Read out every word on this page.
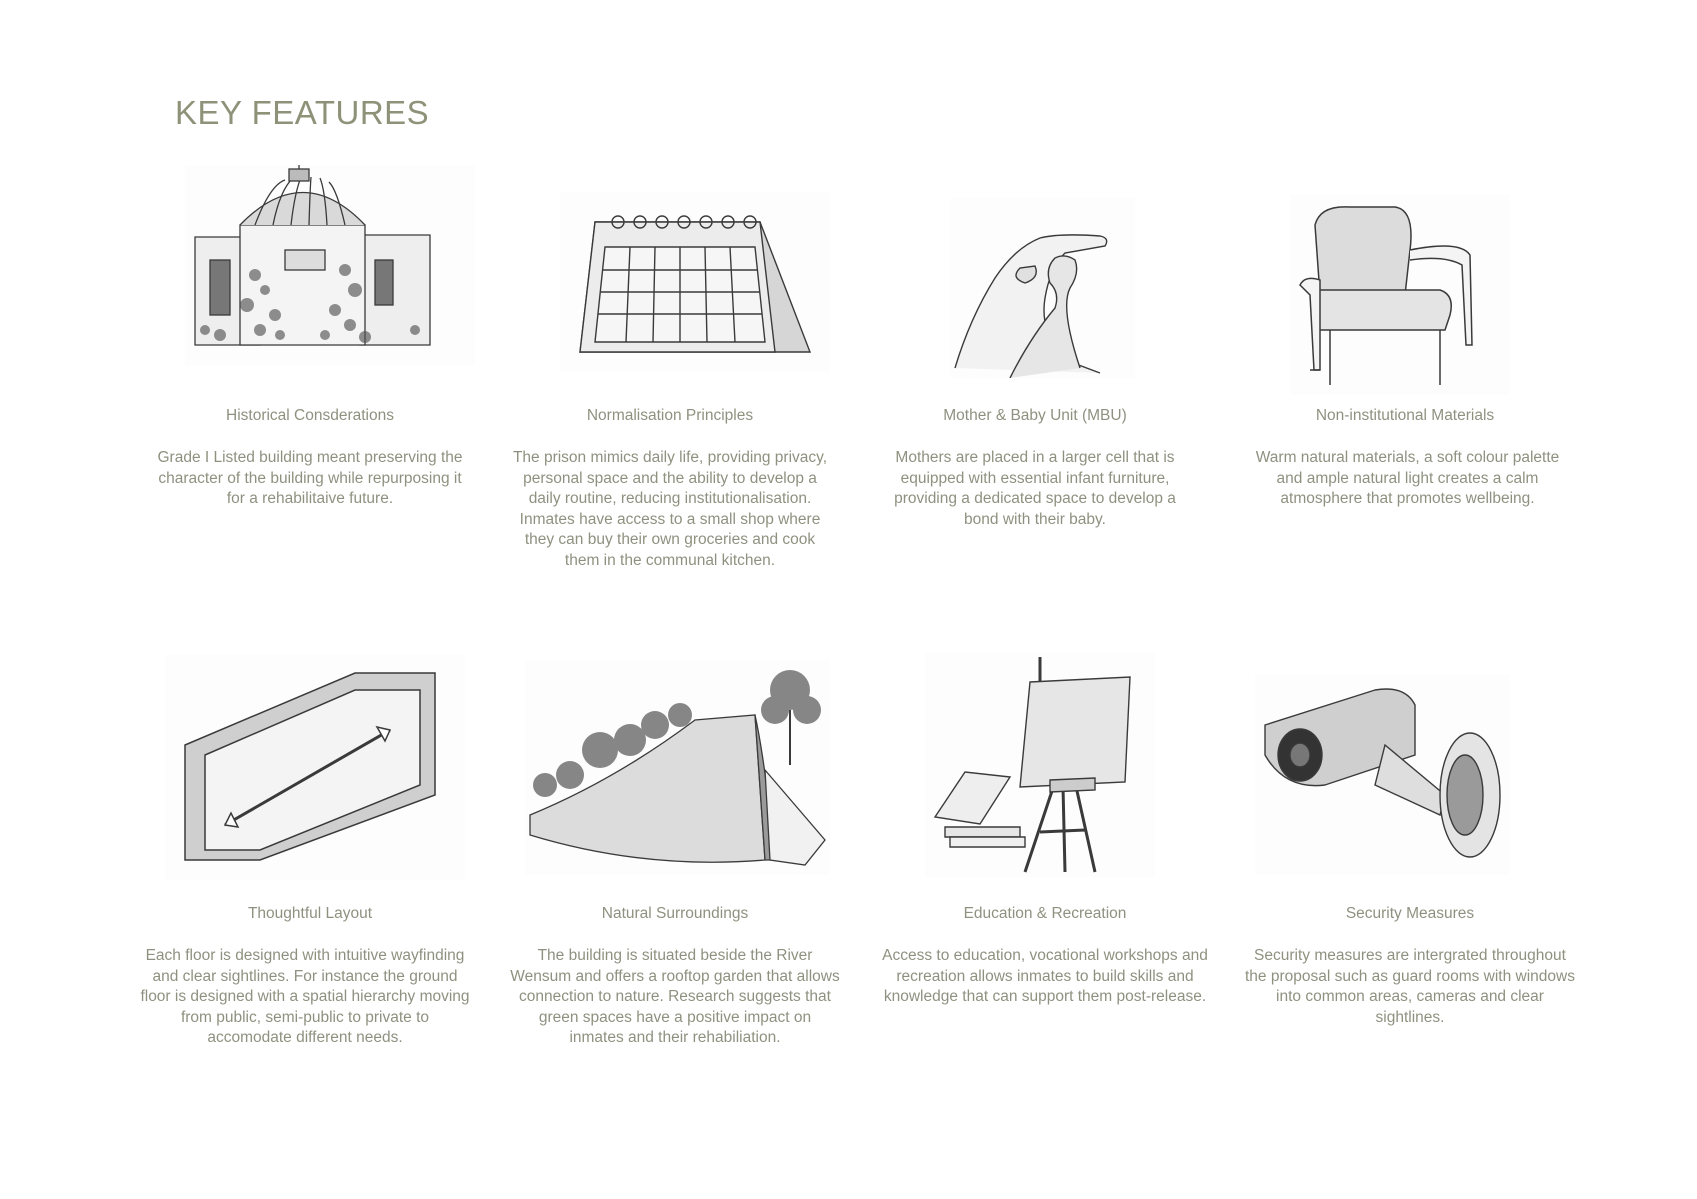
KEY FEATURES
Historical Consderations
Grade I Listed building meant preserving the character of the building while repurposing it for a rehabilitaive future.
Normalisation Principles
The prison mimics daily life, providing privacy, personal space and the ability to develop a daily routine, reducing institutionalisation. Inmates have access to a small shop where they can buy their own groceries and cook them in the communal kitchen.
Mother & Baby Unit (MBU)
Mothers are placed in a larger cell that is equipped with essential infant furniture, providing a dedicated space to develop a bond with their baby.
Non-institutional Materials
Warm natural materials, a soft colour palette and ample natural light creates a calm atmosphere that promotes wellbeing.
Thoughtful Layout
Each floor is designed with intuitive wayfinding and clear sightlines. For instance the ground floor is designed with a spatial hierarchy moving from public, semi-public to private to accomodate different needs.
Natural Surroundings
The building is situated beside the River Wensum and offers a rooftop garden that allows connection to nature. Research suggests that green spaces have a positive impact on inmates and their rehabiliation.
Education & Recreation
Access to education, vocational workshops and recreation allows inmates to build skills and knowledge that can support them post-release.
Security Measures
Security measures are intergrated throughout the proposal such as guard rooms with windows into common areas, cameras and clear sightlines.
